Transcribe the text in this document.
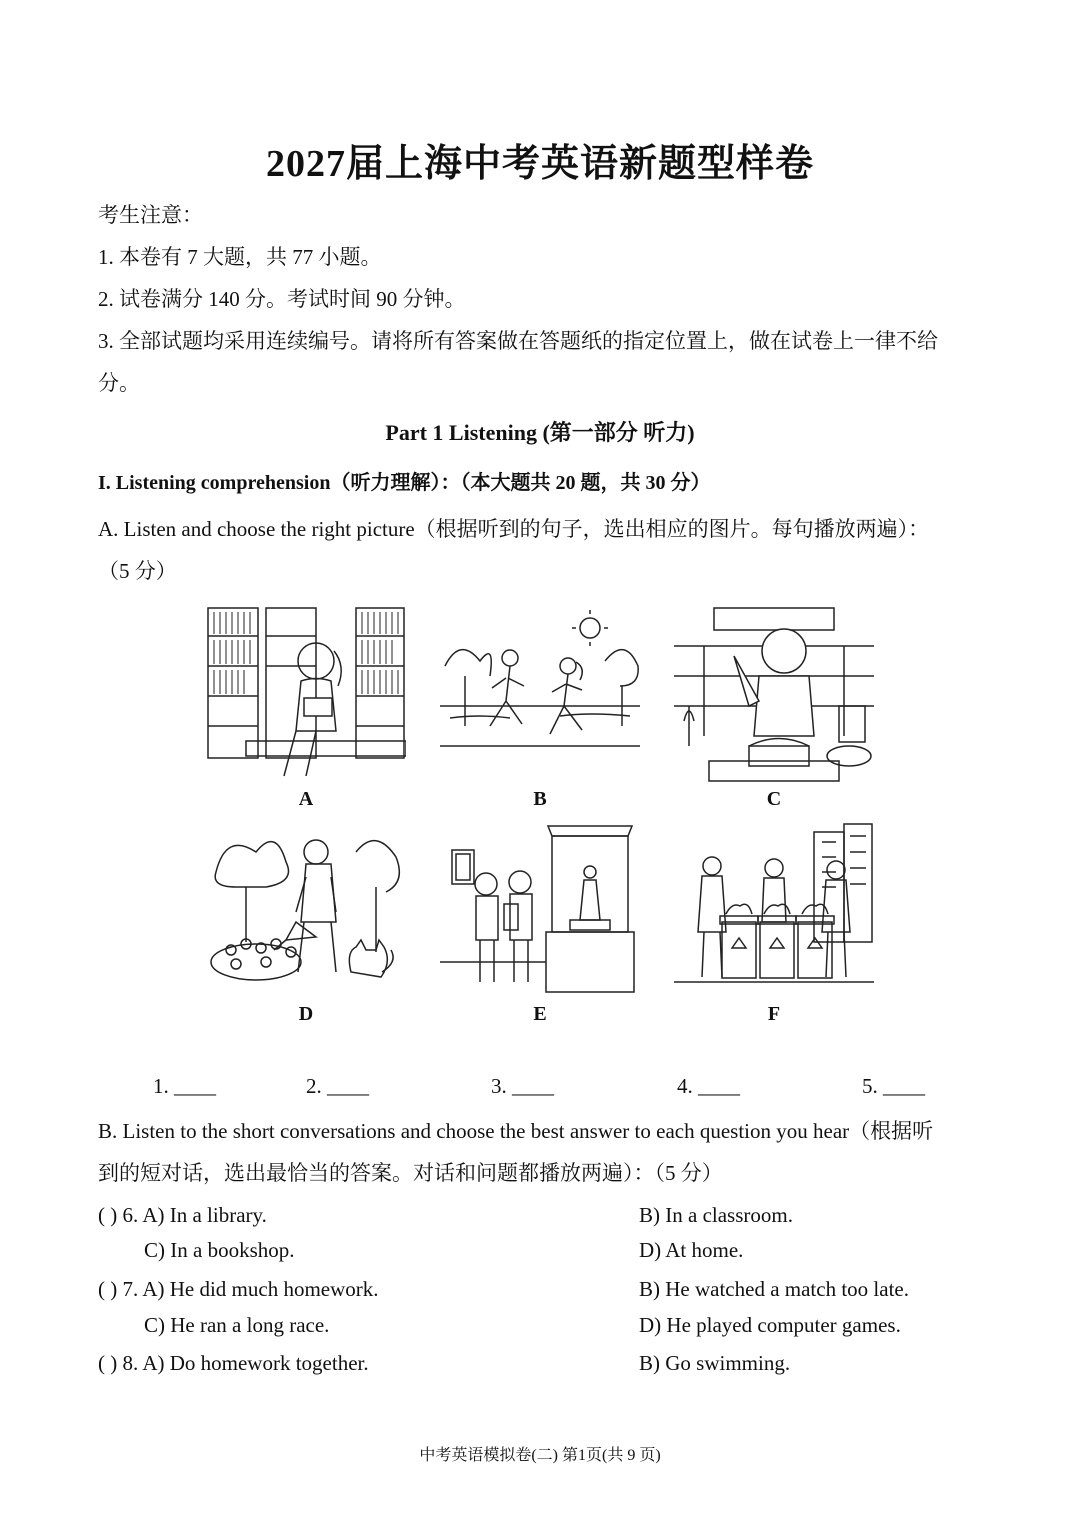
2027届上海中考英语新题型样卷
考生注意：
1. 本卷有 7 大题，共 77 小题。
2. 试卷满分 140 分。考试时间 90 分钟。
3. 全部试题均采用连续编号。请将所有答案做在答题纸的指定位置上，做在试卷上一律不给
分。
Part 1 Listening (第一部分 听力)
I. Listening comprehension（听力理解）：（本大题共 20 题，共 30 分）
A. Listen and choose the right picture（根据听到的句子，选出相应的图片。每句播放两遍）：
（5 分）
A	B	C
D	E	F
1. ____	2. ____	3. ____	4. ____	5. ____
B. Listen to the short conversations and choose the best answer to each question you hear（根据听
到的短对话，选出最恰当的答案。对话和问题都播放两遍）：（5 分）
( ) 6. A) In a library.	B) In a classroom.
C) In a bookshop.	D) At home.
( ) 7. A) He did much homework.	B) He watched a match too late.
C) He ran a long race.	D) He played computer games.
( ) 8. A) Do homework together.	B) Go swimming.
中考英语模拟卷(二) 第1页(共 9 页)
